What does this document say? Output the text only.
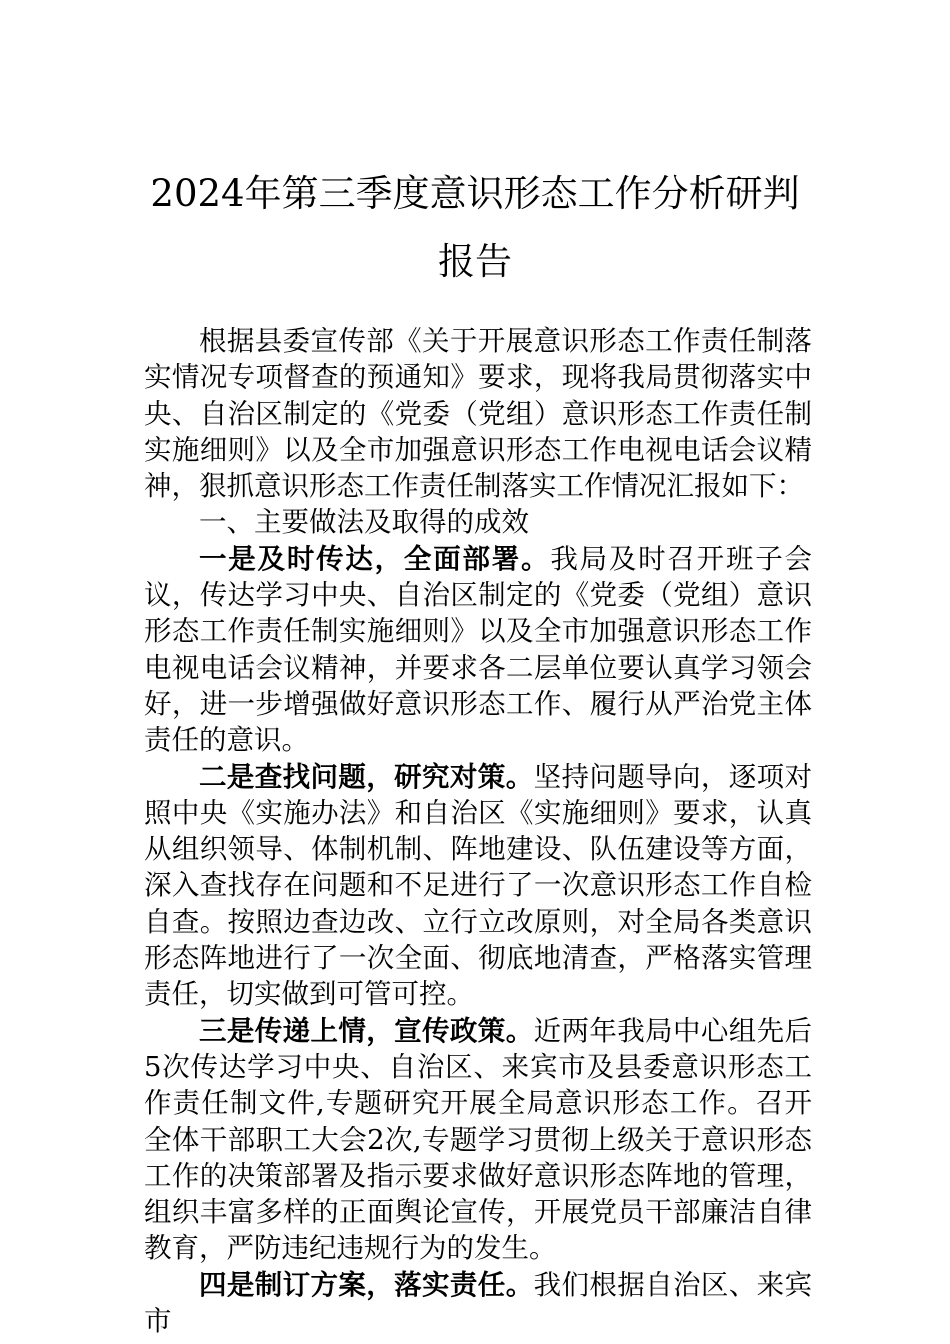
2024年第三季度意识形态工作分析研判报告

根据县委宣传部《关于开展意识形态工作责任制落实情况专项督查的预通知》要求，现将我局贯彻落实中央、自治区制定的《党委（党组）意识形态工作责任制实施细则》以及全市加强意识形态工作电视电话会议精神，狠抓意识形态工作责任制落实工作情况汇报如下：

一、主要做法及取得的成效

一是及时传达，全面部署。我局及时召开班子会议，传达学习中央、自治区制定的《党委（党组）意识形态工作责任制实施细则》以及全市加强意识形态工作电视电话会议精神，并要求各二层单位要认真学习领会好，进一步增强做好意识形态工作、履行从严治党主体责任的意识。

二是查找问题，研究对策。坚持问题导向，逐项对照中央《实施办法》和自治区《实施细则》要求，认真从组织领导、体制机制、阵地建设、队伍建设等方面，深入查找存在问题和不足进行了一次意识形态工作自检自查。按照边查边改、立行立改原则，对全局各类意识形态阵地进行了一次全面、彻底地清查，严格落实管理责任，切实做到可管可控。

三是传递上情，宣传政策。近两年我局中心组先后5次传达学习中央、自治区、来宾市及县委意识形态工作责任制文件,专题研究开展全局意识形态工作。召开全体干部职工大会2次,专题学习贯彻上级关于意识形态工作的决策部署及指示要求做好意识形态阵地的管理，组织丰富多样的正面舆论宣传，开展党员干部廉洁自律教育，严防违纪违规行为的发生。

四是制订方案，落实责任。我们根据自治区、来宾市
